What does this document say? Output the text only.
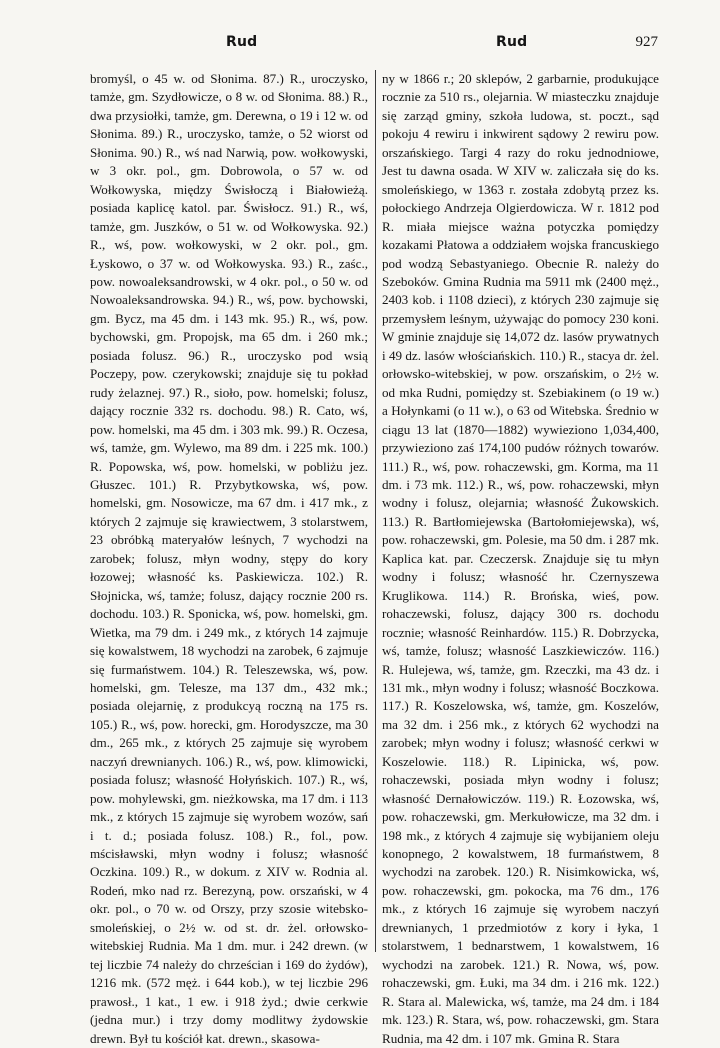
Rud	Rud	927

bromyśl, o 45 w. od Słonima. 87.) R., uroczysko, tamże, gm. Szydłowicze, o 8 w. od Słonima. 88.) R., dwa przysiołki, tamże, gm. Derewna, o 19 i 12 w. od Słonima. 89.) R., uroczysko, tamże, o 52 wiorst od Słonima. 90.) R., wś nad Narwią, pow. wołkowyski, w 3 okr. pol., gm. Dobrowola, o 57 w. od Wołkowyska, między Świsłoczą i Białowieżą. posiada kaplicę katol. par. Świsłocz. 91.) R., wś, tamże, gm. Juszków, o 51 w. od Wołkowyska. 92.) R., wś, pow. wołkowyski, w 2 okr. pol., gm. Łyskowo, o 37 w. od Wołkowyska. 93.) R., zaśc., pow. nowoaleksandrowski, w 4 okr. pol., o 50 w. od Nowoaleksandrowska. 94.) R., wś, pow. bychowski, gm. Bycz, ma 45 dm. i 143 mk. 95.) R., wś, pow. bychowski, gm. Propojsk, ma 65 dm. i 260 mk.; posiada folusz. 96.) R., uroczysko pod wsią Poczepy, pow. czerykowski; znajduje się tu pokład rudy żelaznej. 97.) R., sioło, pow. homelski; folusz, dający rocznie 332 rs. dochodu. 98.) R. Cato, wś, pow. homelski, ma 45 dm. i 303 mk. 99.) R. Oczesa, wś, tamże, gm. Wylewo, ma 89 dm. i 225 mk. 100.) R. Popowska, wś, pow. homelski, w pobliżu jez. Głuszec. 101.) R. Przybytkowska, wś, pow. homelski, gm. Nosowicze, ma 67 dm. i 417 mk., z których 2 zajmuje się krawiectwem, 3 stolarstwem, 23 obróbką materyałów leśnych, 7 wychodzi na zarobek; folusz, młyn wodny, stępy do kory łozowej; własność ks. Paskiewicza. 102.) R. Słojnicka, wś, tamże; folusz, dający rocznie 200 rs. dochodu. 103.) R. Sponicka, wś, pow. homelski, gm. Wietka, ma 79 dm. i 249 mk., z których 14 zajmuje się kowalstwem, 18 wychodzi na zarobek, 6 zajmuje się furmaństwem. 104.) R. Teleszewska, wś, pow. homelski, gm. Telesze, ma 137 dm., 432 mk.; posiada olejarnię, z produkcyą roczną na 175 rs. 105.) R., wś, pow. horecki, gm. Horodyszcze, ma 30 dm., 265 mk., z których 25 zajmuje się wyrobem naczyń drewnianych. 106.) R., wś, pow. klimowicki, posiada folusz; własność Hołyńskich. 107.) R., wś, pow. mohylewski, gm. nieżkowska, ma 17 dm. i 113 mk., z których 15 zajmuje się wyrobem wozów, sań i t. d.; posiada folusz. 108.) R., fol., pow. mścisławski, młyn wodny i folusz; własność Oczkina. 109.) R., w dokum. z XIV w. Rodnia al. Rodeń, mko nad rz. Berezyną, pow. orszański, w 4 okr. pol., o 70 w. od Orszy, przy szosie witebsko-smoleńskiej, o 2½ w. od st. dr. żel. orłowsko-witebskiej Rudnia. Ma 1 dm. mur. i 242 drewn. (w tej liczbie 74 należy do chrześcian i 169 do żydów), 1216 mk. (572 męż. i 644 kob.), w tej liczbie 296 prawosł., 1 kat., 1 ew. i 918 żyd.; dwie cerkwie (jedna mur.) i trzy domy modlitwy żydowskie drewn. Był tu kościół kat. drewn., skasowa-

ny w 1866 r.; 20 sklepów, 2 garbarnie, produkujące rocznie za 510 rs., olejarnia. W miasteczku znajduje się zarząd gminy, szkoła ludowa, st. poczt., sąd pokoju 4 rewiru i inkwirent sądowy 2 rewiru pow. orszańskiego. Targi 4 razy do roku jednodniowe, Jest tu dawna osada. W XIV w. zaliczała się do ks. smoleńskiego, w 1363 r. została zdobytą przez ks. połockiego Andrzeja Olgierdowicza. W r. 1812 pod R. miała miejsce ważna potyczka pomiędzy kozakami Płatowa a oddziałem wojska francuskiego pod wodzą Sebastyaniego. Obecnie R. należy do Szeboków. Gmina Rudnia ma 5911 mk (2400 męż., 2403 kob. i 1108 dzieci), z których 230 zajmuje się przemysłem leśnym, używając do pomocy 230 koni. W gminie znajduje się 14,072 dz. lasów prywatnych i 49 dz. lasów włościańskich. 110.) R., stacya dr. żel. orłowsko-witebskiej, w pow. orszańskim, o 2½ w. od mka Rudni, pomiędzy st. Szebiakinem (o 19 w.) a Hołynkami (o 11 w.), o 63 od Witebska. Średnio w ciągu 13 lat (1870—1882) wywieziono 1,034,400, przywieziono zaś 174,100 pudów różnych towarów. 111.) R., wś, pow. rohaczewski, gm. Korma, ma 11 dm. i 73 mk. 112.) R., wś, pow. rohaczewski, młyn wodny i folusz, olejarnia; własność Żukowskich. 113.) R. Bartłomiejewska (Bartołomiejewska), wś, pow. rohaczewski, gm. Polesie, ma 50 dm. i 287 mk. Kaplica kat. par. Czeczersk. Znajduje się tu młyn wodny i folusz; własność hr. Czernyszewa Kruglikowa. 114.) R. Brońska, wieś, pow. rohaczewski, folusz, dający 300 rs. dochodu rocznie; własność Reinhardów. 115.) R. Dobrzycka, wś, tamże, folusz; własność Laszkiewiczów. 116.) R. Hulejewa, wś, tamże, gm. Rzeczki, ma 43 dz. i 131 mk., młyn wodny i folusz; własność Boczkowa. 117.) R. Koszelowska, wś, tamże, gm. Koszelów, ma 32 dm. i 256 mk., z których 62 wychodzi na zarobek; młyn wodny i folusz; własność cerkwi w Koszelowie. 118.) R. Lipinicka, wś, pow. rohaczewski, posiada młyn wodny i folusz; własność Dernałowiczów. 119.) R. Łozowska, wś, pow. rohaczewski, gm. Merkułowicze, ma 32 dm. i 198 mk., z których 4 zajmuje się wybijaniem oleju konopnego, 2 kowalstwem, 18 furmaństwem, 8 wychodzi na zarobek. 120.) R. Nisimkowicka, wś, pow. rohaczewski, gm. pokocka, ma 76 dm., 176 mk., z których 16 zajmuje się wyrobem naczyń drewnianych, 1 przedmiotów z kory i łyka, 1 stolarstwem, 1 bednarstwem, 1 kowalstwem, 16 wychodzi na zarobek. 121.) R. Nowa, wś, pow. rohaczewski, gm. Łuki, ma 34 dm. i 216 mk. 122.) R. Stara al. Malewicka, wś, tamże, ma 24 dm. i 184 mk. 123.) R. Stara, wś, pow. rohaczewski, gm. Stara Rudnia, ma 42 dm. i 107 mk. Gmina R. Stara
